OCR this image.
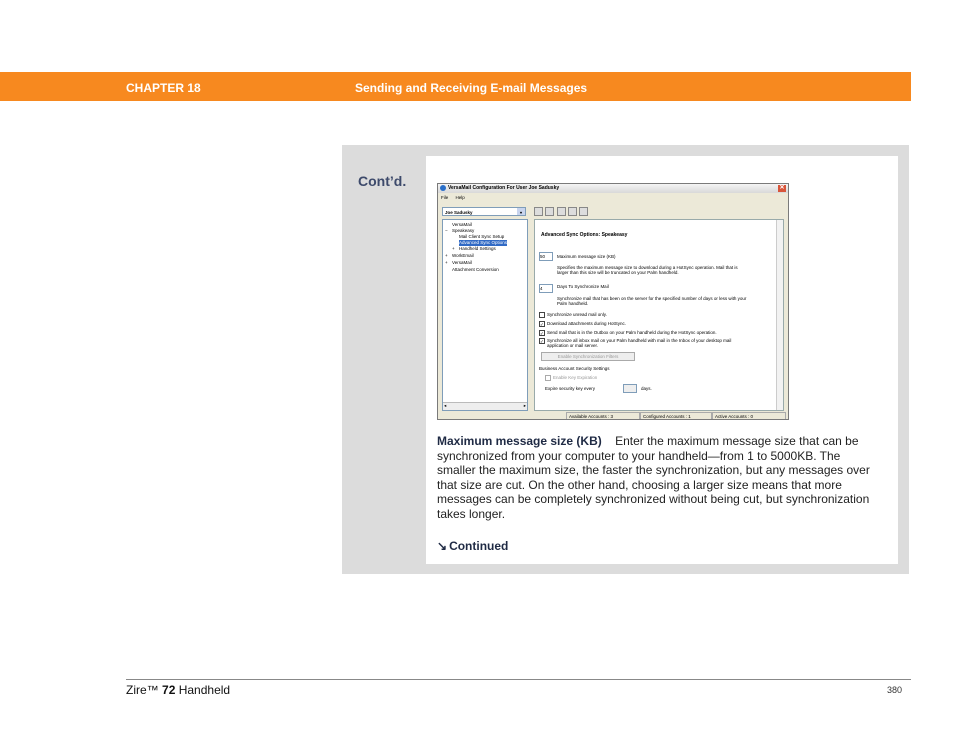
CHAPTER 18	Sending and Receiving E-mail Messages
Cont’d.	VersaMail Configuration For User Joe Sadusky	✕
File Help
Joe Sadusky	▾

VersaMail
− Speakeasy
Mail Client Sync Setup
Advanced Sync Options
+ Handheld Settings
+ WorkEmail
+ VersaMail
Attachment Conversion
◂	▸
Advanced Sync Options: Speakeasy
50	Maximum message size (KB)
Specifies the maximum message size to download during a HotSync operation. Mail that is
larger than this size will be truncated on your Palm handheld.
4	Days To Synchronize Mail
Synchronize mail that has been on the server for the specified number of days or less with your
Palm handheld.
Synchronize unread mail only.
✓ Download attachments during HotSync.
✓ Send mail that is in the Outbox on your Palm handheld during the HotSync operation.
✓ Synchronize all inbox mail on your Palm handheld with mail in the Inbox of your desktop mail
application or mail server.
Enable Synchronization Filters
Business Account Security Settings
Enable Key Expiration
Expire security key every	days.
Available Accounts : 3	Configured Accounts : 1	Active Accounts : 0
Maximum message size (KB) Enter the maximum message size that can be synchronized from your computer to your handheld—from 1 to 5000KB. The smaller the maximum size, the faster the synchronization, but any messages over that size are cut. On the other hand, choosing a larger size means that more messages can be completely synchronized without being cut, but synchronization takes longer.
↘ Continued
Zire™ 72 Handheld	380
